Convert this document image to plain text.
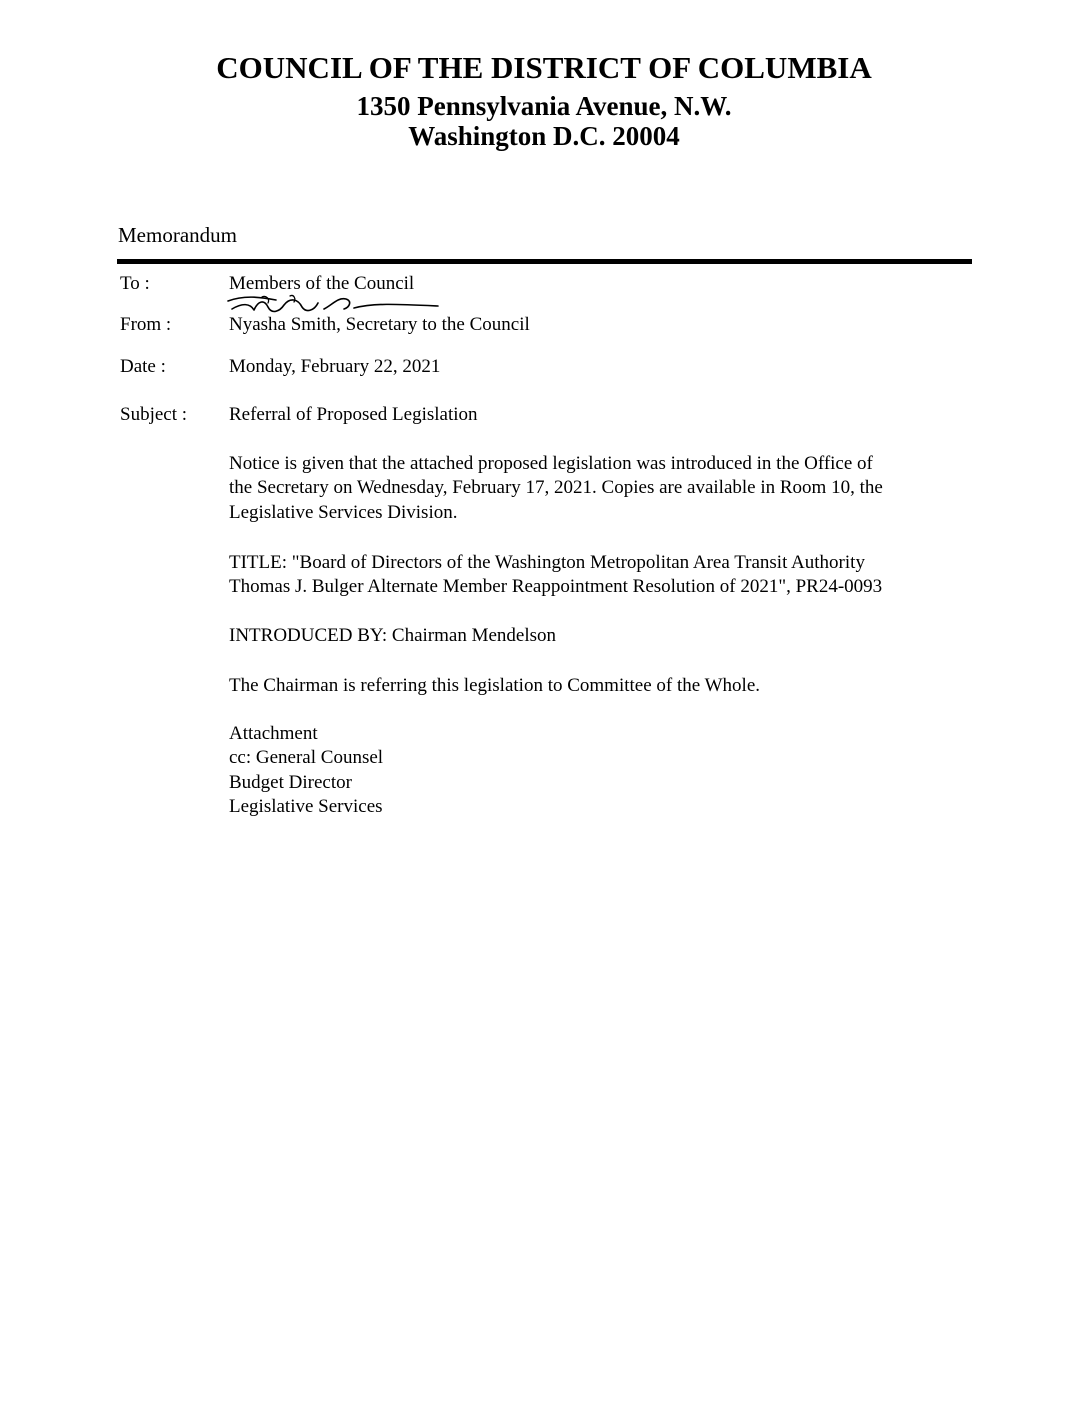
COUNCIL OF THE DISTRICT OF COLUMBIA
1350 Pennsylvania Avenue, N.W.
Washington D.C. 20004
Memorandum
To :	Members of the Council
From :	Nyasha Smith, Secretary to the Council
Date :	Monday, February 22, 2021
Subject : Referral of Proposed Legislation
Notice is given that the attached proposed legislation was introduced in the Office of
the Secretary on Wednesday, February 17, 2021. Copies are available in Room 10, the
Legislative Services Division.
TITLE: "Board of Directors of the Washington Metropolitan Area Transit Authority
Thomas J. Bulger Alternate Member Reappointment Resolution of 2021", PR24-0093
INTRODUCED BY: Chairman Mendelson
The Chairman is referring this legislation to Committee of the Whole.
Attachment
cc: General Counsel
Budget Director
Legislative Services
